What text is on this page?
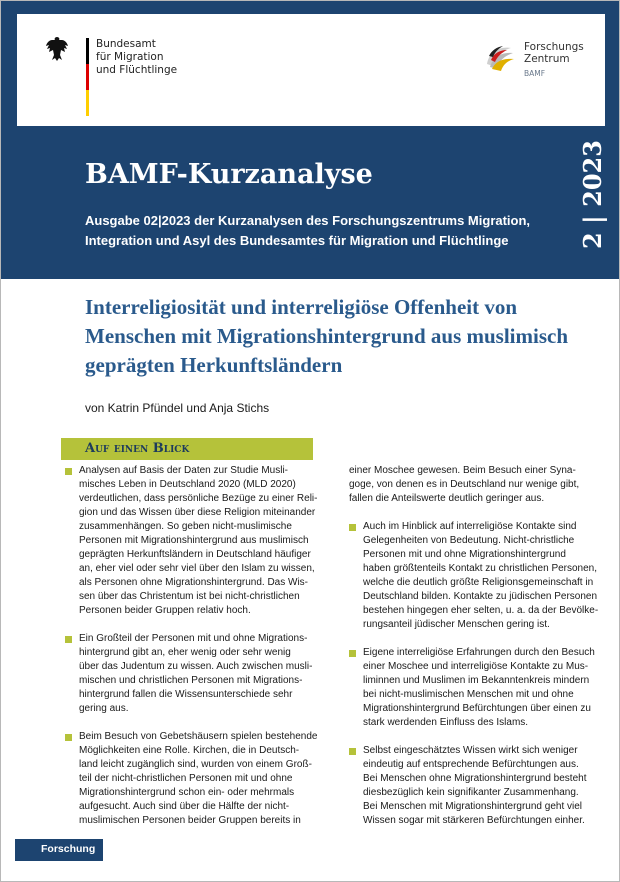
Bundesamt
für Migration
und Flüchtlinge
Forschungs
Zentrum
BAMF
BAMF-Kurzanalyse
Ausgabe 02|2023 der Kurzanalysen des Forschungszentrums Migration,
Integration und Asyl des Bundesamtes für Migration und Flüchtlinge	2 | 2023
Interreligiosität und interreligiöse Offenheit von
Menschen mit Migrationshintergrund aus muslimisch
geprägten Herkunftsländern
von Katrin Pfündel und Anja Stichs
Auf einen Blick
Analysen auf Basis der Daten zur Studie Musli-
misches Leben in Deutschland 2020 (MLD 2020)
verdeutlichen, dass persönliche Bezüge zu einer Reli-
gion und das Wissen über diese Religion miteinander
zusammenhängen. So geben nicht-muslimische
Personen mit Migrationshintergrund aus muslimisch
geprägten Herkunftsländern in Deutschland häufiger
an, eher viel oder sehr viel über den Islam zu wissen,
als Personen ohne Migrationshintergrund. Das Wis-
sen über das Christentum ist bei nicht-christlichen
Personen beider Gruppen relativ hoch.
Ein Großteil der Personen mit und ohne Migrations-
hintergrund gibt an, eher wenig oder sehr wenig
über das Judentum zu wissen. Auch zwischen musli-
mischen und christlichen Personen mit Migrations-
hintergrund fallen die Wissensunterschiede sehr
gering aus.
Beim Besuch von Gebetshäusern spielen bestehende
Möglichkeiten eine Rolle. Kirchen, die in Deutsch-
land leicht zugänglich sind, wurden von einem Groß-
teil der nicht-christlichen Personen mit und ohne
Migrationshintergrund schon ein- oder mehrmals
aufgesucht. Auch sind über die Hälfte der nicht-
muslimischen Personen beider Gruppen bereits in
einer Moschee gewesen. Beim Besuch einer Syna-
goge, von denen es in Deutschland nur wenige gibt,
fallen die Anteilswerte deutlich geringer aus.
Auch im Hinblick auf interreligiöse Kontakte sind
Gelegenheiten von Bedeutung. Nicht-christliche
Personen mit und ohne Migrationshintergrund
haben größtenteils Kontakt zu christlichen Personen,
welche die deutlich größte Religionsgemeinschaft in
Deutschland bilden. Kontakte zu jüdischen Personen
bestehen hingegen eher selten, u. a. da der Bevölke-
rungsanteil jüdischer Menschen gering ist.
Eigene interreligiöse Erfahrungen durch den Besuch
einer Moschee und interreligiöse Kontakte zu Mus-
liminnen und Muslimen im Bekanntenkreis mindern
bei nicht-muslimischen Menschen mit und ohne
Migrationshintergrund Befürchtungen über einen zu
stark werdenden Einfluss des Islams.
Selbst eingeschätztes Wissen wirkt sich weniger
eindeutig auf entsprechende Befürchtungen aus.
Bei Menschen ohne Migrationshintergrund besteht
diesbezüglich kein signifikanter Zusammenhang.
Bei Menschen mit Migrationshintergrund geht viel
Wissen sogar mit stärkeren Befürchtungen einher.
Forschung
